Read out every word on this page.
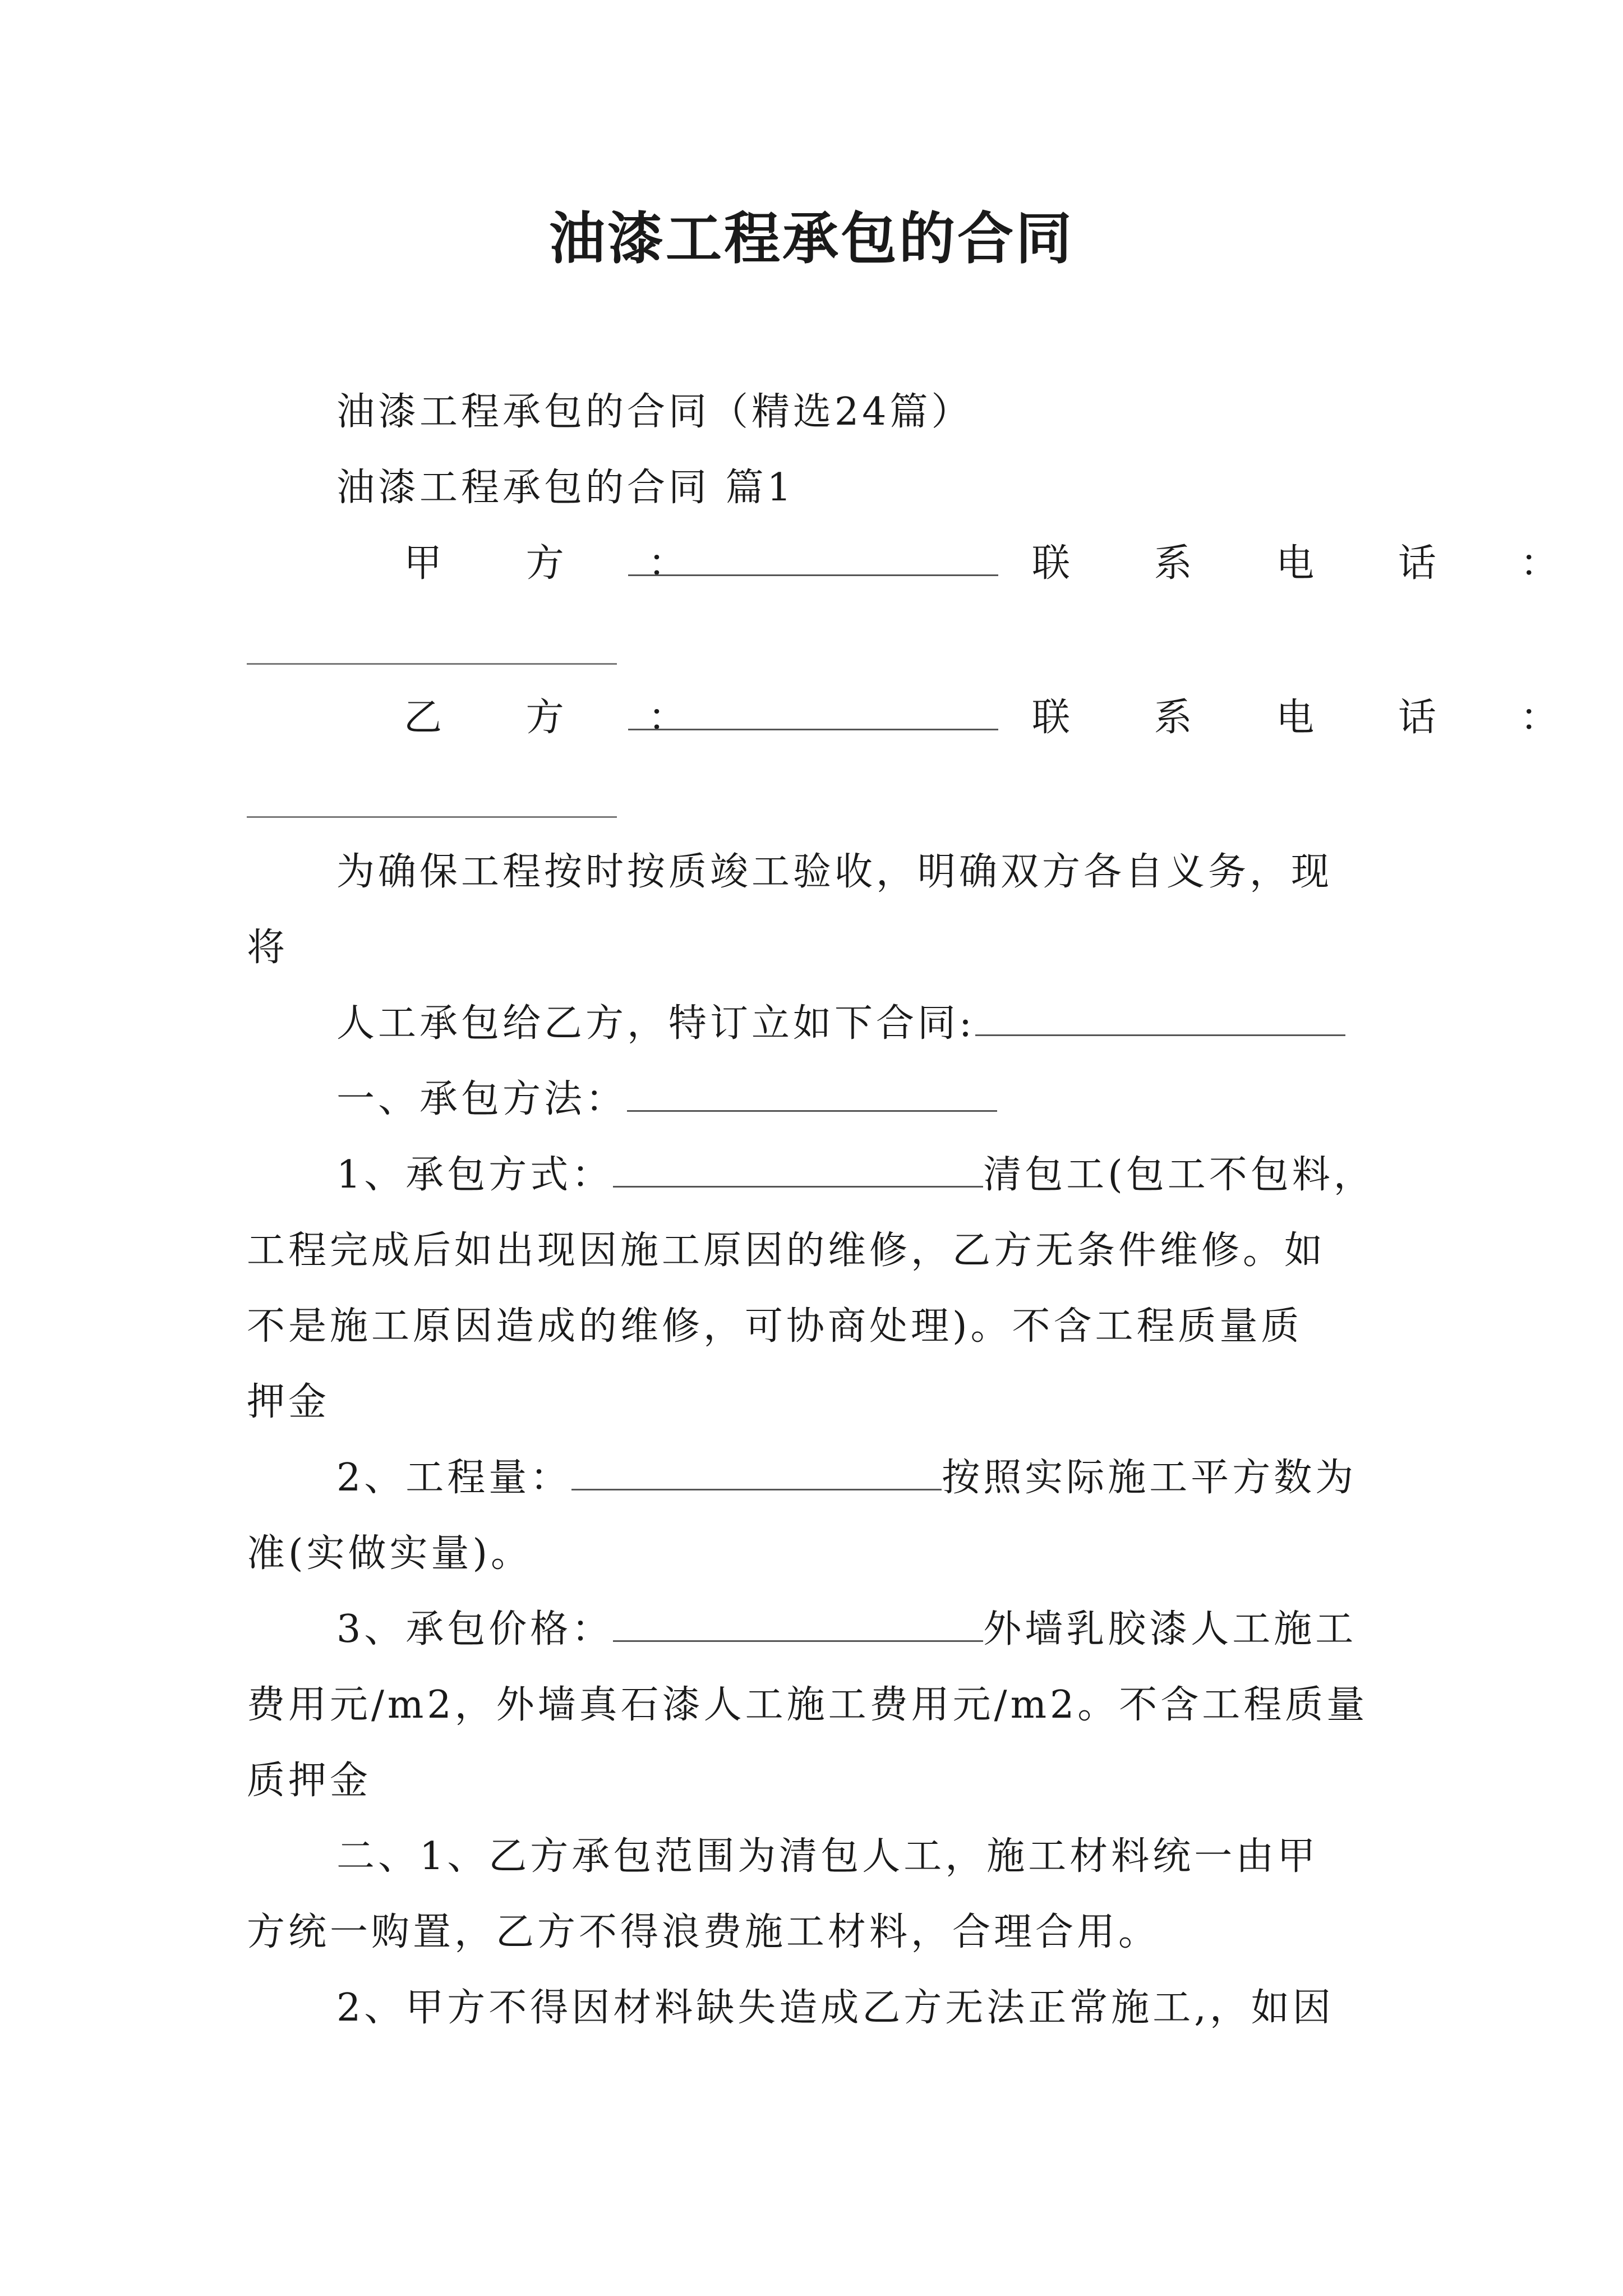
油漆工程承包的合同
油漆工程承包的合同（精选24篇）
油漆工程承包的合同 篇1
甲 方 ：	联 系 电 话 ：
乙 方 ：	联 系 电 话 ：
为确保工程按时按质竣工验收，明确双方各自义务，现
将
人工承包给乙方，特订立如下合同:
一、承包方法：
1、承包方式：	清包工(包工不包料，
工程完成后如出现因施工原因的维修，乙方无条件维修。如
不是施工原因造成的维修，可协商处理)。不含工程质量质
押金
2、工程量：	按照实际施工平方数为
准(实做实量)。
3、承包价格：	外墙乳胶漆人工施工
费用元/m2，外墙真石漆人工施工费用元/m2。不含工程质量
质押金
二、1、乙方承包范围为清包人工，施工材料统一由甲
方统一购置，乙方不得浪费施工材料，合理合用。
2、甲方不得因材料缺失造成乙方无法正常施工,，如因
